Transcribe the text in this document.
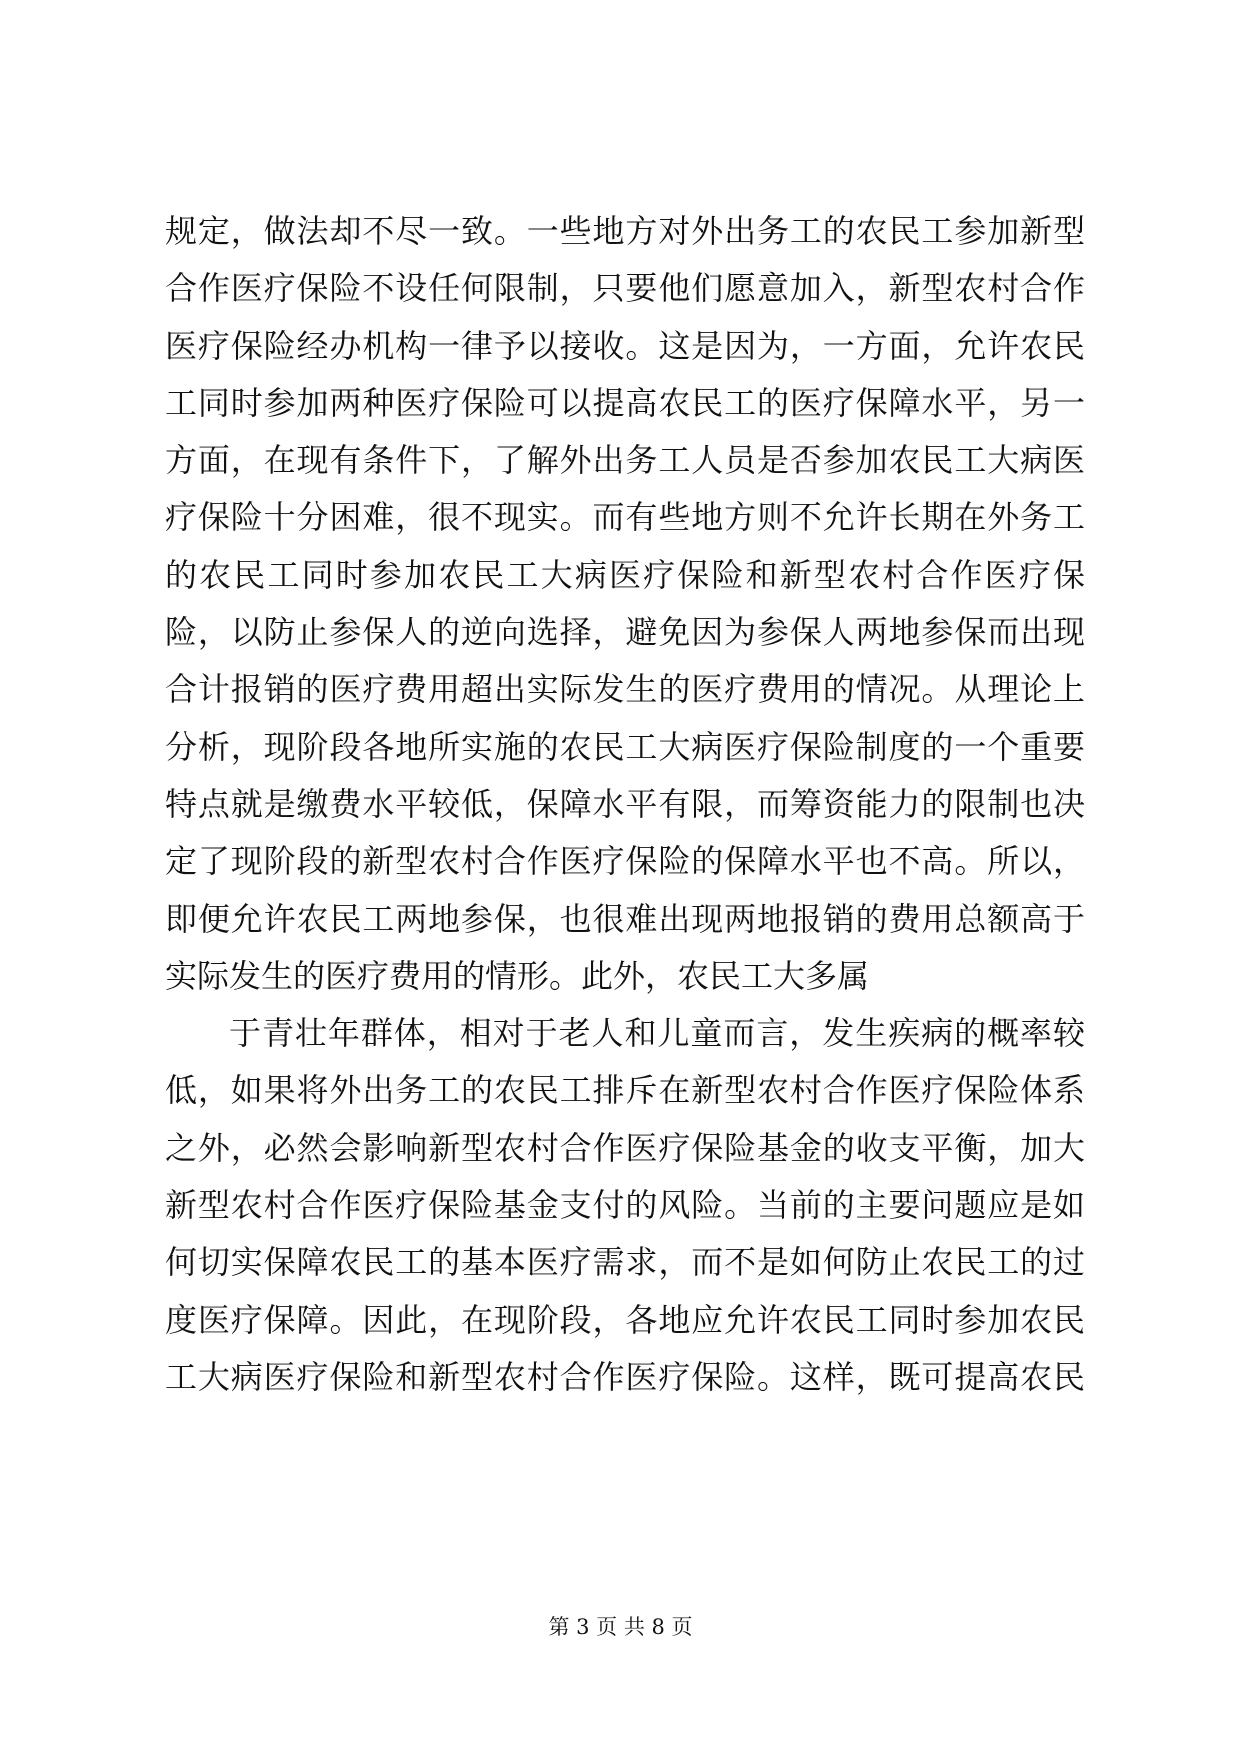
规定，做法却不尽一致。一些地方对外出务工的农民工参加新型
合作医疗保险不设任何限制，只要他们愿意加入，新型农村合作
医疗保险经办机构一律予以接收。这是因为，一方面，允许农民
工同时参加两种医疗保险可以提高农民工的医疗保障水平，另一
方面，在现有条件下，了解外出务工人员是否参加农民工大病医
疗保险十分困难，很不现实。而有些地方则不允许长期在外务工
的农民工同时参加农民工大病医疗保险和新型农村合作医疗保
险，以防止参保人的逆向选择，避免因为参保人两地参保而出现
合计报销的医疗费用超出实际发生的医疗费用的情况。从理论上
分析，现阶段各地所实施的农民工大病医疗保险制度的一个重要
特点就是缴费水平较低，保障水平有限，而筹资能力的限制也决
定了现阶段的新型农村合作医疗保险的保障水平也不高。所以，
即便允许农民工两地参保，也很难出现两地报销的费用总额高于
实际发生的医疗费用的情形。此外，农民工大多属
于青壮年群体，相对于老人和儿童而言，发生疾病的概率较
低，如果将外出务工的农民工排斥在新型农村合作医疗保险体系
之外，必然会影响新型农村合作医疗保险基金的收支平衡，加大
新型农村合作医疗保险基金支付的风险。当前的主要问题应是如
何切实保障农民工的基本医疗需求，而不是如何防止农民工的过
度医疗保障。因此，在现阶段，各地应允许农民工同时参加农民
工大病医疗保险和新型农村合作医疗保险。这样，既可提高农民
第 3 页 共 8 页
